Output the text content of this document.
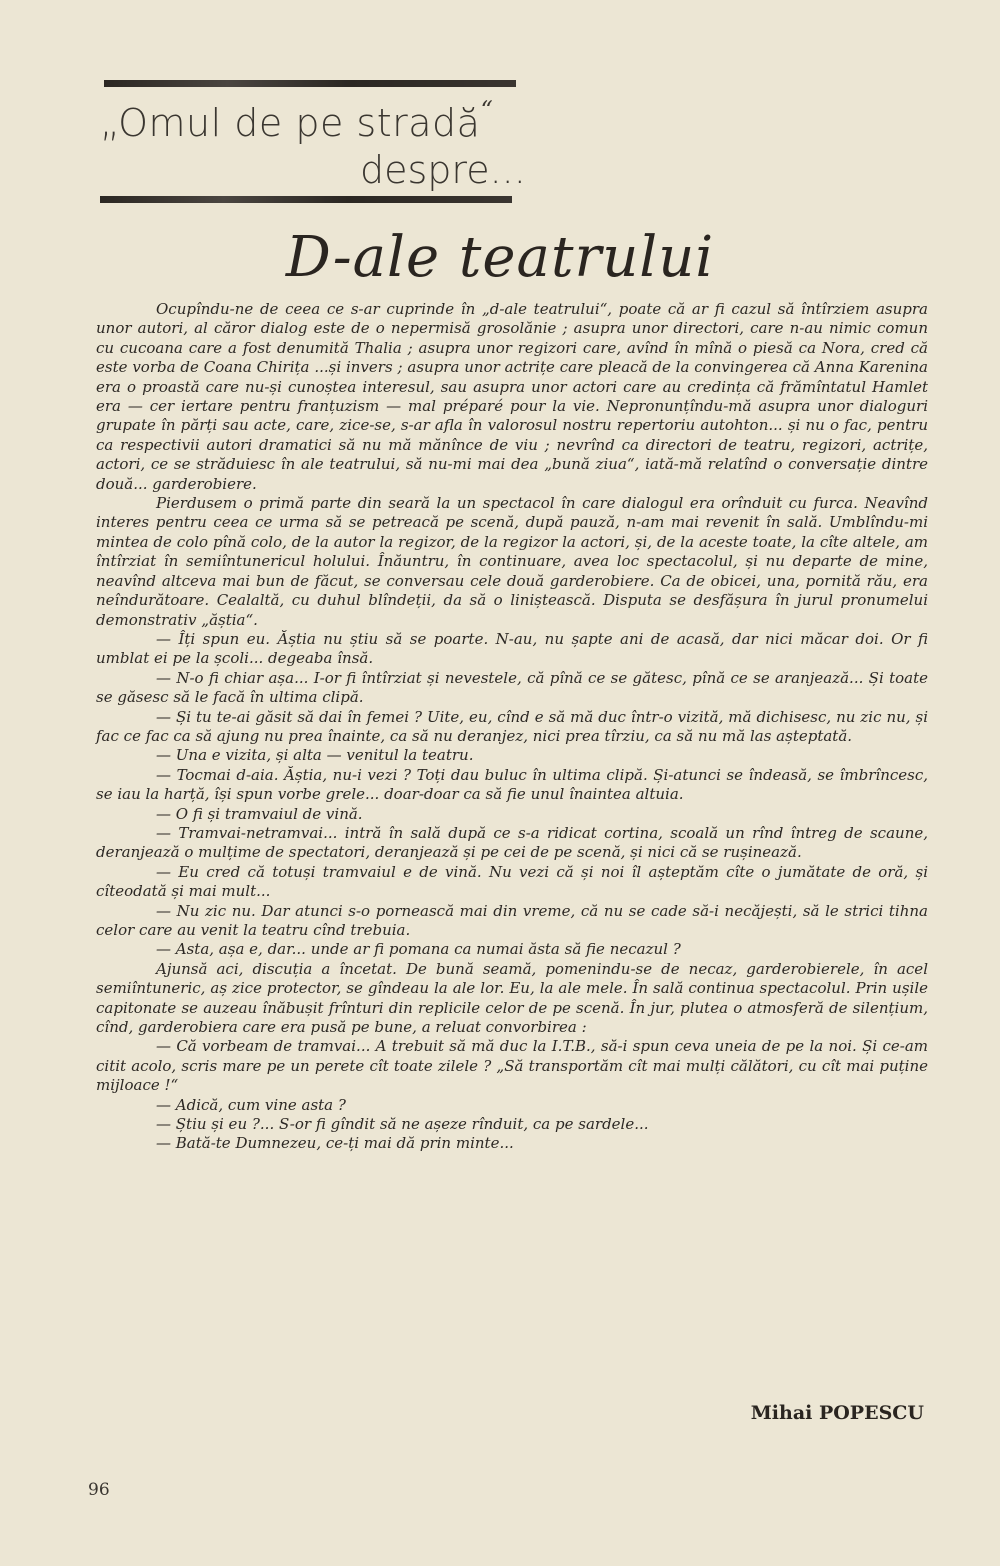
„Omul de pe stradă“
despre...
D-ale teatrului

Ocupîndu-ne de ceea ce s-ar cuprinde în „d-ale teatrului“, poate că ar fi cazul să întîrziem asupra unor autori, al căror dialog este de o nepermisă grosolănie ; asupra unor directori, care n-au nimic comun cu cucoana care a fost denumită Thalia ; asupra unor regizori care, avînd în mînă o piesă ca Nora, cred că este vorba de Coana Chirița ...și invers ; asupra unor actrițe care pleacă de la convingerea că Anna Karenina era o proastă care nu-și cunoștea interesul, sau asupra unor actori care au credința că frămîntatul Hamlet era — cer iertare pentru franțuzism — mal préparé pour la vie. Nepronunțîndu-mă asupra unor dialoguri grupate în părți sau acte, care, zice-se, s-ar afla în valorosul nostru repertoriu autohton... și nu o fac, pentru ca respectivii autori dramatici să nu mă mănînce de viu ; nevrînd ca directori de teatru, regizori, actrițe, actori, ce se străduiesc în ale teatrului, să nu-mi mai dea „bună ziua“, iată-mă relatînd o conversație dintre două... garderobiere.

Pierdusem o primă parte din seară la un spectacol în care dialogul era orînduit cu furca. Neavînd interes pentru ceea ce urma să se petreacă pe scenă, după pauză, n-am mai revenit în sală. Umblîndu-mi mintea de colo pînă colo, de la autor la regizor, de la regizor la actori, și, de la aceste toate, la cîte altele, am întîrziat în semiîntunericul holului. Înăuntru, în continuare, avea loc spectacolul, și nu departe de mine, neavînd altceva mai bun de făcut, se conversau cele două garderobiere. Ca de obicei, una, pornită rău, era neîndurătoare. Cealaltă, cu duhul blîndeții, da să o liniștească. Disputa se desfășura în jurul pronumelui demonstrativ „ăștia“.

— Îți spun eu. Ăștia nu știu să se poarte. N-au, nu șapte ani de acasă, dar nici măcar doi. Or fi umblat ei pe la școli... degeaba însă.

— N-o fi chiar așa... I-or fi întîrziat și nevestele, că pînă ce se gătesc, pînă ce se aranjează... Și toate se găsesc să le facă în ultima clipă.

— Și tu te-ai găsit să dai în femei ? Uite, eu, cînd e să mă duc într-o vizită, mă dichisesc, nu zic nu, și fac ce fac ca să ajung nu prea înainte, ca să nu deranjez, nici prea tîrziu, ca să nu mă las așteptată.

— Una e vizita, și alta — venitul la teatru.

— Tocmai d-aia. Ăștia, nu-i vezi ? Toți dau buluc în ultima clipă. Și-atunci se îndeasă, se îmbrîncesc, se iau la harță, își spun vorbe grele... doar-doar ca să fie unul înaintea altuia.

— O fi și tramvaiul de vină.

— Tramvai-netramvai... intră în sală după ce s-a ridicat cortina, scoală un rînd întreg de scaune, deranjează o mulțime de spectatori, deranjează și pe cei de pe scenă, și nici că se rușinează.

— Eu cred că totuși tramvaiul e de vină. Nu vezi că și noi îl așteptăm cîte o jumătate de oră, și cîteodată și mai mult...

— Nu zic nu. Dar atunci s-o pornească mai din vreme, că nu se cade să-i necăjești, să le strici tihna celor care au venit la teatru cînd trebuia.

— Asta, așa e, dar... unde ar fi pomana ca numai ăsta să fie necazul ?

Ajunsă aci, discuția a încetat. De bună seamă, pomenindu-se de necaz, garderobierele, în acel semiîntuneric, aș zice protector, se gîndeau la ale lor. Eu, la ale mele. În sală continua spectacolul. Prin ușile capitonate se auzeau înăbușit frînturi din replicile celor de pe scenă. În jur, plutea o atmosferă de silențium, cînd, garderobiera care era pusă pe bune, a reluat convorbirea :

— Că vorbeam de tramvai... A trebuit să mă duc la I.T.B., să-i spun ceva uneia de pe la noi. Și ce-am citit acolo, scris mare pe un perete cît toate zilele ? „Să transportăm cît mai mulți călători, cu cît mai puține mijloace !“

— Adică, cum vine asta ?

— Știu și eu ?... S-or fi gîndit să ne așeze rînduit, ca pe sardele...

— Bată-te Dumnezeu, ce-ți mai dă prin minte...

Mihai POPESCU
96
